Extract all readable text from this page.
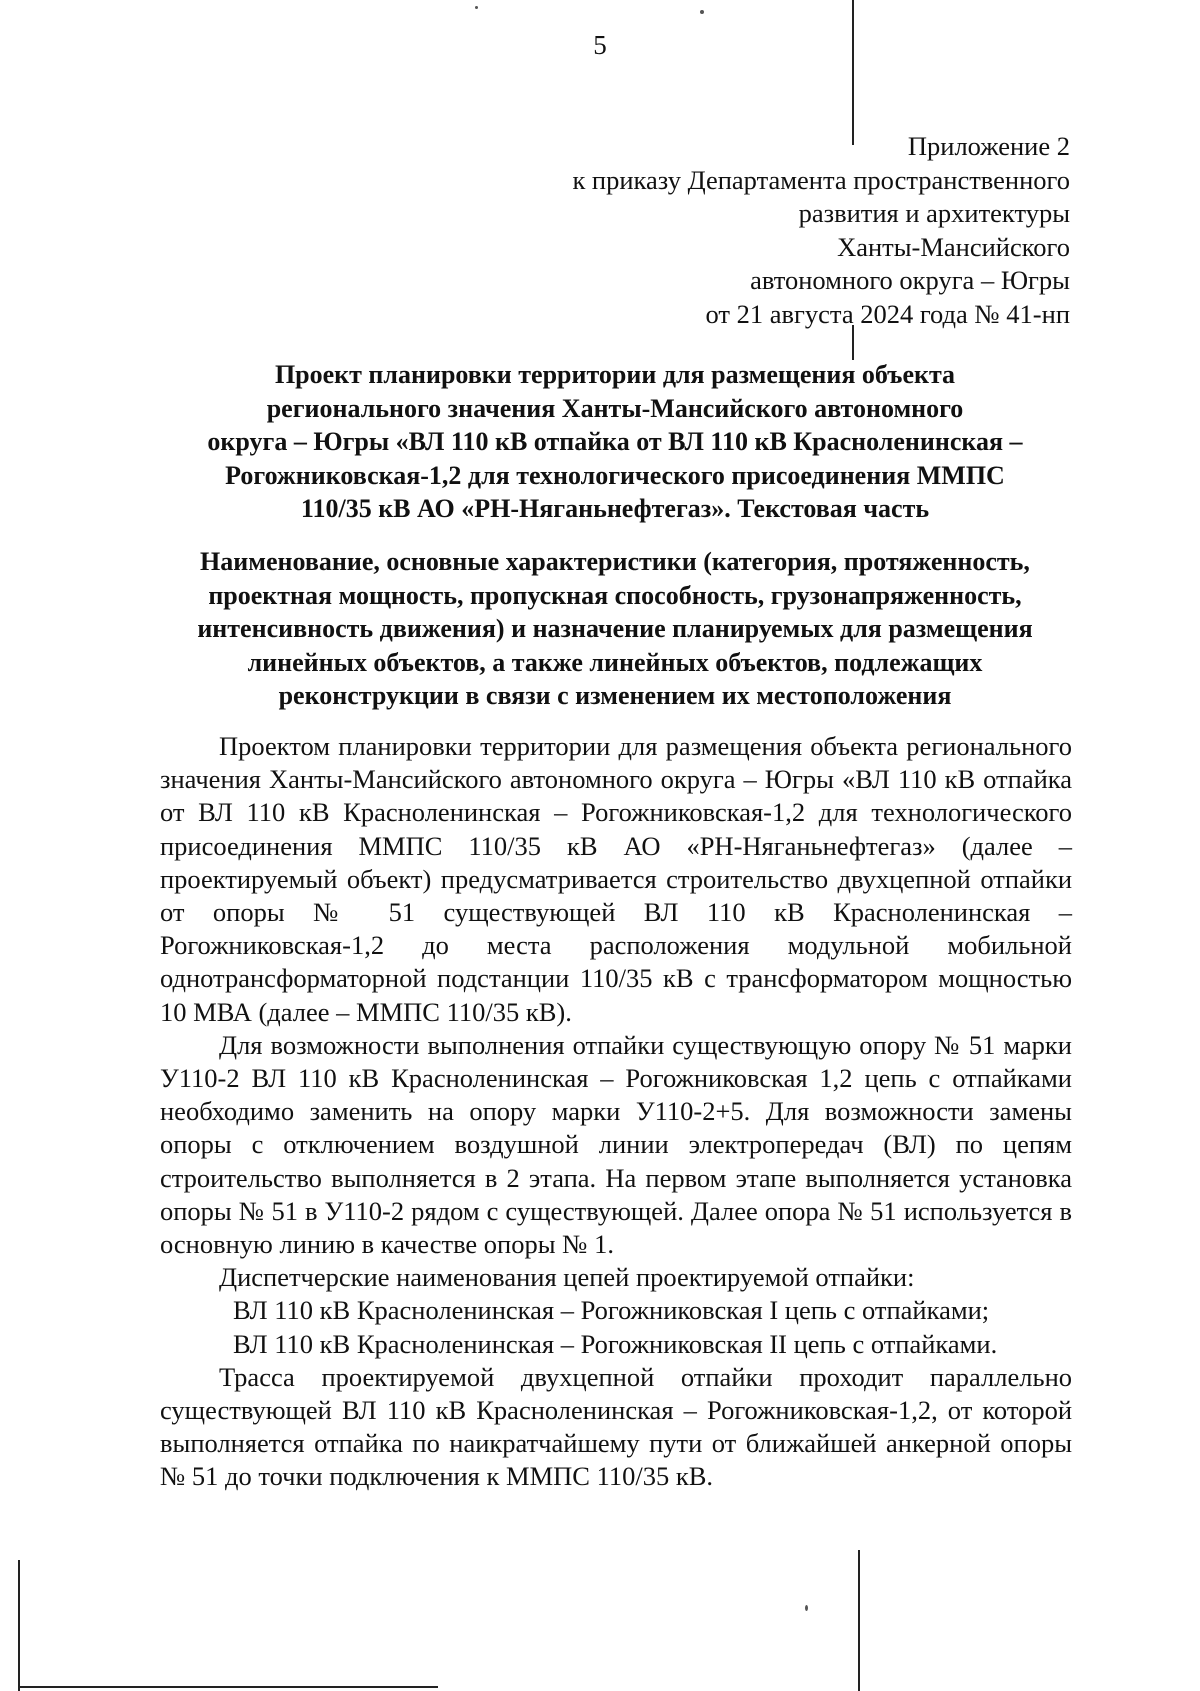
5
Приложение 2
к приказу Департамента пространственного
развития и архитектуры
Ханты-Мансийского
автономного округа – Югры
от 21 августа 2024 года № 41-нп
Проект планировки территории для размещения объекта
регионального значения Ханты-Мансийского автономного
округа – Югры «ВЛ 110 кВ отпайка от ВЛ 110 кВ Красноленинская –
Рогожниковская-1,2 для технологического присоединения ММПС
110/35 кВ АО «РН-Няганьнефтегаз». Текстовая часть
Наименование, основные характеристики (категория, протяженность,
проектная мощность, пропускная способность, грузонапряженность,
интенсивность движения) и назначение планируемых для размещения
линейных объектов, а также линейных объектов, подлежащих
реконструкции в связи с изменением их местоположения

Проектом планировки территории для размещения объекта регионального значения Ханты-Мансийского автономного округа – Югры «ВЛ 110 кВ отпайка от ВЛ 110 кВ Красноленинская – Рогожниковская-1,2 для технологического присоединения ММПС 110/35 кВ АО «РН-Няганьнефтегаз» (далее – проектируемый объект) предусматривается строительство двухцепной отпайки от опоры № 51 существующей ВЛ 110 кВ Красноленинская – Рогожниковская-1,2 до места расположения модульной мобильной однотрансформаторной подстанции 110/35 кВ с трансформатором мощностью 10 МВА (далее – ММПС 110/35 кВ).

Для возможности выполнения отпайки существующую опору № 51 марки У110-2 ВЛ 110 кВ Красноленинская – Рогожниковская 1,2 цепь с отпайками необходимо заменить на опору марки У110-2+5. Для возможности замены опоры с отключением воздушной линии электропередач (ВЛ) по цепям строительство выполняется в 2 этапа. На первом этапе выполняется установка опоры № 51 в У110-2 рядом с существующей. Далее опора № 51 используется в основную линию в качестве опоры № 1.

Диспетчерские наименования цепей проектируемой отпайки:

ВЛ 110 кВ Красноленинская – Рогожниковская I цепь с отпайками;

ВЛ 110 кВ Красноленинская – Рогожниковская II цепь с отпайками.

Трасса проектируемой двухцепной отпайки проходит параллельно существующей ВЛ 110 кВ Красноленинская – Рогожниковская-1,2, от которой выполняется отпайка по наикратчайшему пути от ближайшей анкерной опоры № 51 до точки подключения к ММПС 110/35 кВ.
